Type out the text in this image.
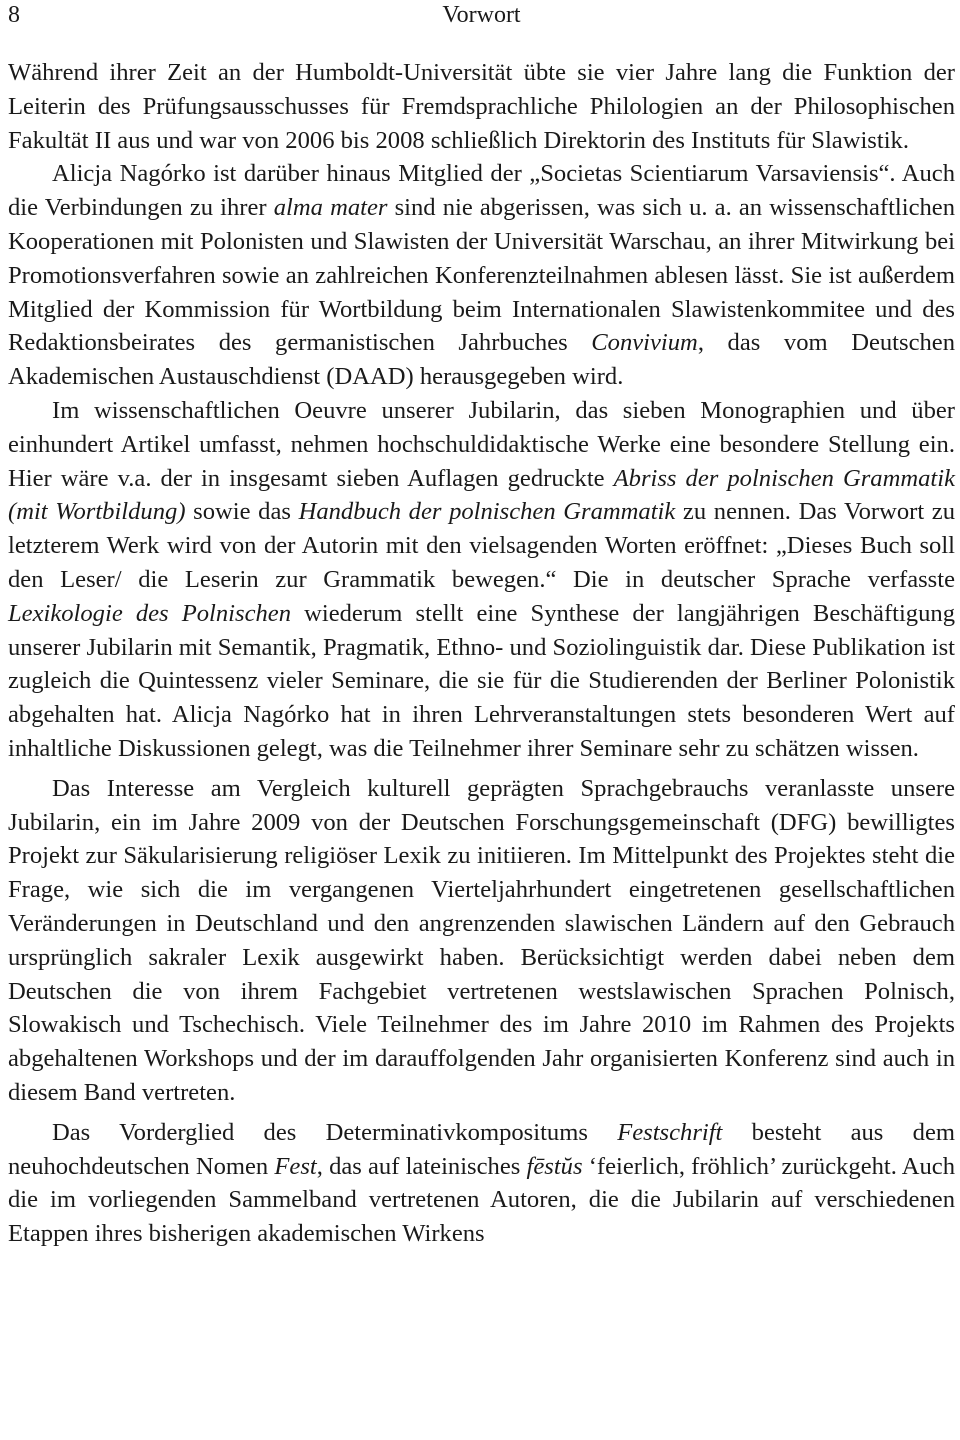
8	Vorwort

Während ihrer Zeit an der Humboldt-Universität übte sie vier Jahre lang die Funktion der Leiterin des Prüfungsausschusses für Fremdsprachliche Philologien an der Philosophischen Fakultät II aus und war von 2006 bis 2008 schließlich Direktorin des Instituts für Slawistik.

Alicja Nagórko ist darüber hinaus Mitglied der „Societas Scientiarum Varsaviensis“. Auch die Verbindungen zu ihrer alma mater sind nie abgerissen, was sich u. a. an wissenschaftlichen Kooperationen mit Polonisten und Slawisten der Universität Warschau, an ihrer Mitwirkung bei Promotionsverfahren sowie an zahlreichen Konferenzteilnahmen ablesen lässt. Sie ist außerdem Mitglied der Kommission für Wortbildung beim Internationalen Slawistenkommitee und des Redaktionsbeirates des germanistischen Jahrbuches Convivium, das vom Deutschen Akademischen Austauschdienst (DAAD) herausgegeben wird.

Im wissenschaftlichen Oeuvre unserer Jubilarin, das sieben Monographien und über einhundert Artikel umfasst, nehmen hochschuldidaktische Werke eine besondere Stellung ein. Hier wäre v.a. der in insgesamt sieben Auflagen gedruckte Abriss der polnischen Grammatik (mit Wortbildung) sowie das Handbuch der polnischen Grammatik zu nennen. Das Vorwort zu letzterem Werk wird von der Autorin mit den vielsagenden Worten eröffnet: „Dieses Buch soll den Leser/ die Leserin zur Grammatik bewegen.“ Die in deutscher Sprache verfasste Lexikologie des Polnischen wiederum stellt eine Synthese der langjährigen Beschäftigung unserer Jubilarin mit Semantik, Pragmatik, Ethno- und Soziolinguistik dar. Diese Publikation ist zugleich die Quintessenz vieler Seminare, die sie für die Studierenden der Berliner Polonistik abgehalten hat. Alicja Nagórko hat in ihren Lehrveranstaltungen stets besonderen Wert auf inhaltliche Diskussionen gelegt, was die Teilnehmer ihrer Seminare sehr zu schätzen wissen.

Das Interesse am Vergleich kulturell geprägten Sprachgebrauchs veranlasste unsere Jubilarin, ein im Jahre 2009 von der Deutschen Forschungsgemeinschaft (DFG) bewilligtes Projekt zur Säkularisierung religiöser Lexik zu initiieren. Im Mittelpunkt des Projektes steht die Frage, wie sich die im vergangenen Vierteljahrhundert eingetretenen gesellschaftlichen Veränderungen in Deutschland und den angrenzenden slawischen Ländern auf den Gebrauch ursprünglich sakraler Lexik ausgewirkt haben. Berücksichtigt werden dabei neben dem Deutschen die von ihrem Fachgebiet vertretenen westslawischen Sprachen Polnisch, Slowakisch und Tschechisch. Viele Teilnehmer des im Jahre 2010 im Rahmen des Projekts abgehaltenen Workshops und der im darauffolgenden Jahr organisierten Konferenz sind auch in diesem Band vertreten.

Das Vorderglied des Determinativkompositums Festschrift besteht aus dem neuhochdeutschen Nomen Fest, das auf lateinisches fēstŭs ‘feierlich, fröhlich’ zurückgeht. Auch die im vorliegenden Sammelband vertretenen Autoren, die die Jubilarin auf verschiedenen Etappen ihres bisherigen akademischen Wirkens
